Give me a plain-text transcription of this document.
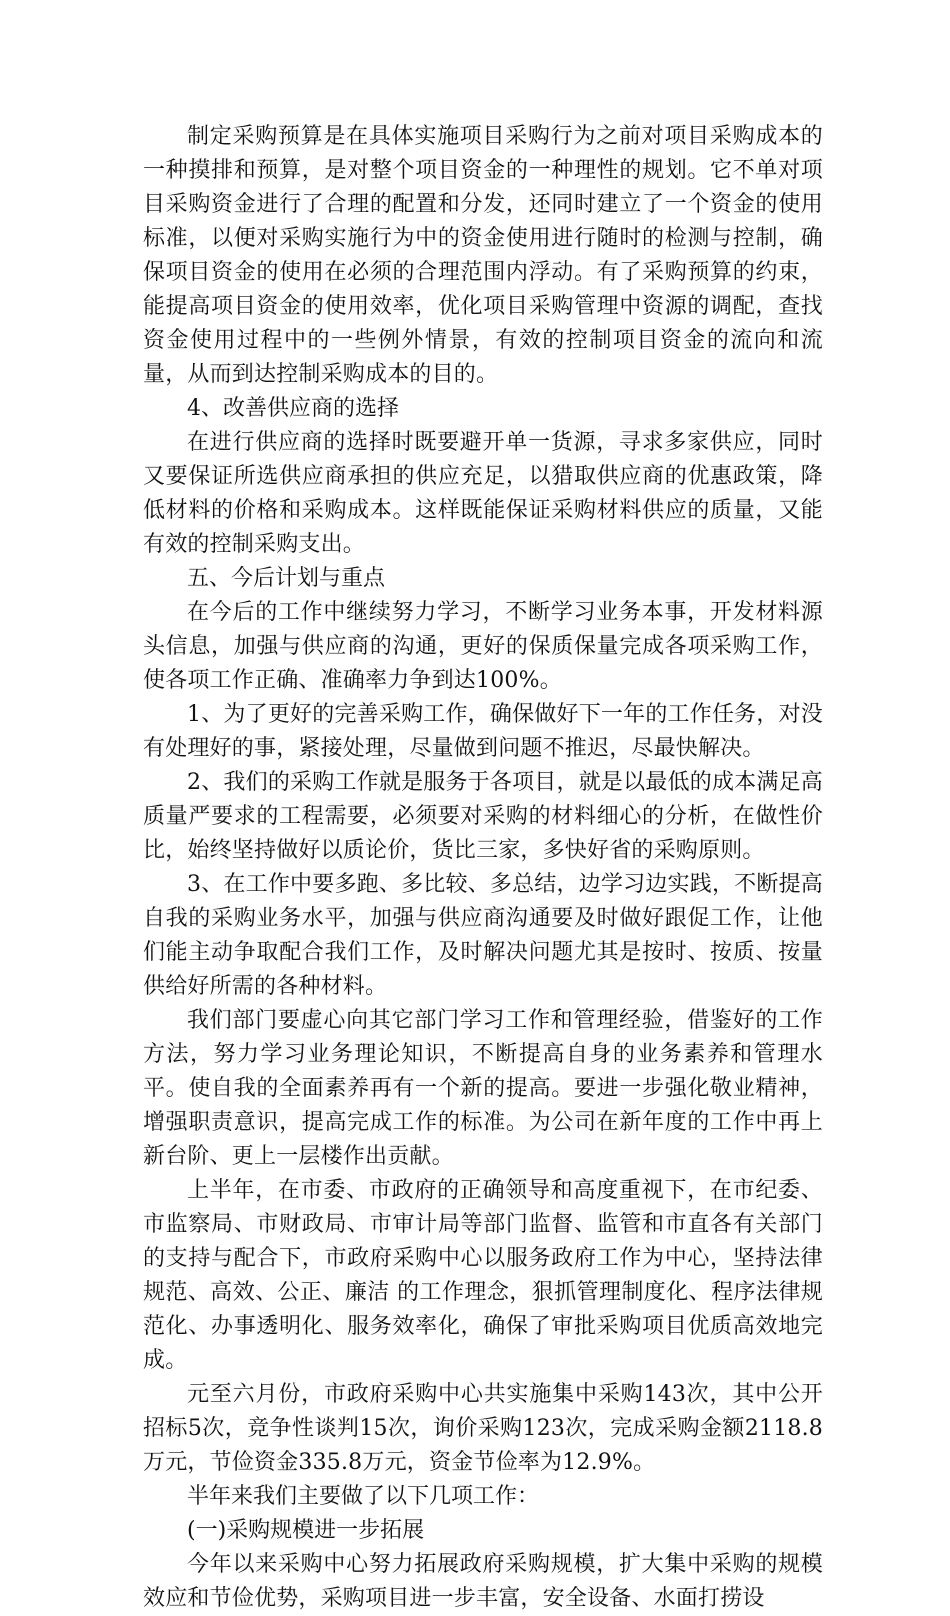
制定采购预算是在具体实施项目采购行为之前对项目采购成本的一种摸排和预算，是对整个项目资金的一种理性的规划。它不单对项目采购资金进行了合理的配置和分发，还同时建立了一个资金的使用标准，以便对采购实施行为中的资金使用进行随时的检测与控制，确保项目资金的使用在必须的合理范围内浮动。有了采购预算的约束，能提高项目资金的使用效率，优化项目采购管理中资源的调配，查找资金使用过程中的一些例外情景，有效的控制项目资金的流向和流量，从而到达控制采购成本的目的。

4、改善供应商的选择

在进行供应商的选择时既要避开单一货源，寻求多家供应，同时又要保证所选供应商承担的供应充足，以猎取供应商的优惠政策，降低材料的价格和采购成本。这样既能保证采购材料供应的质量，又能有效的控制采购支出。

五、今后计划与重点

在今后的工作中继续努力学习，不断学习业务本事，开发材料源头信息，加强与供应商的沟通，更好的保质保量完成各项采购工作，使各项工作正确、准确率力争到达100%。

1、为了更好的完善采购工作，确保做好下一年的工作任务，对没有处理好的事，紧接处理，尽量做到问题不推迟，尽最快解决。

2、我们的采购工作就是服务于各项目，就是以最低的成本满足高质量严要求的工程需要，必须要对采购的材料细心的分析，在做性价比，始终坚持做好以质论价，货比三家，多快好省的采购原则。

3、在工作中要多跑、多比较、多总结，边学习边实践，不断提高自我的采购业务水平，加强与供应商沟通要及时做好跟促工作，让他们能主动争取配合我们工作，及时解决问题尤其是按时、按质、按量供给好所需的各种材料。

我们部门要虚心向其它部门学习工作和管理经验，借鉴好的工作方法，努力学习业务理论知识，不断提高自身的业务素养和管理水平。使自我的全面素养再有一个新的提高。要进一步强化敬业精神，增强职责意识，提高完成工作的标准。为公司在新年度的工作中再上新台阶、更上一层楼作出贡献。

上半年，在市委、市政府的正确领导和高度重视下，在市纪委、市监察局、市财政局、市审计局等部门监督、监管和市直各有关部门的支持与配合下，市政府采购中心以服务政府工作为中心，坚持法律规范、高效、公正、廉洁 的工作理念，狠抓管理制度化、程序法律规范化、办事透明化、服务效率化，确保了审批采购项目优质高效地完成。

元至六月份，市政府采购中心共实施集中采购143次，其中公开招标5次，竞争性谈判15次，询价采购123次，完成采购金额2118.8万元，节俭资金335.8万元，资金节俭率为12.9%。

半年来我们主要做了以下几项工作：

(一)采购规模进一步拓展

今年以来采购中心努力拓展政府采购规模，扩大集中采购的规模效应和节俭优势，采购项目进一步丰富，安全设备、水面打捞设
